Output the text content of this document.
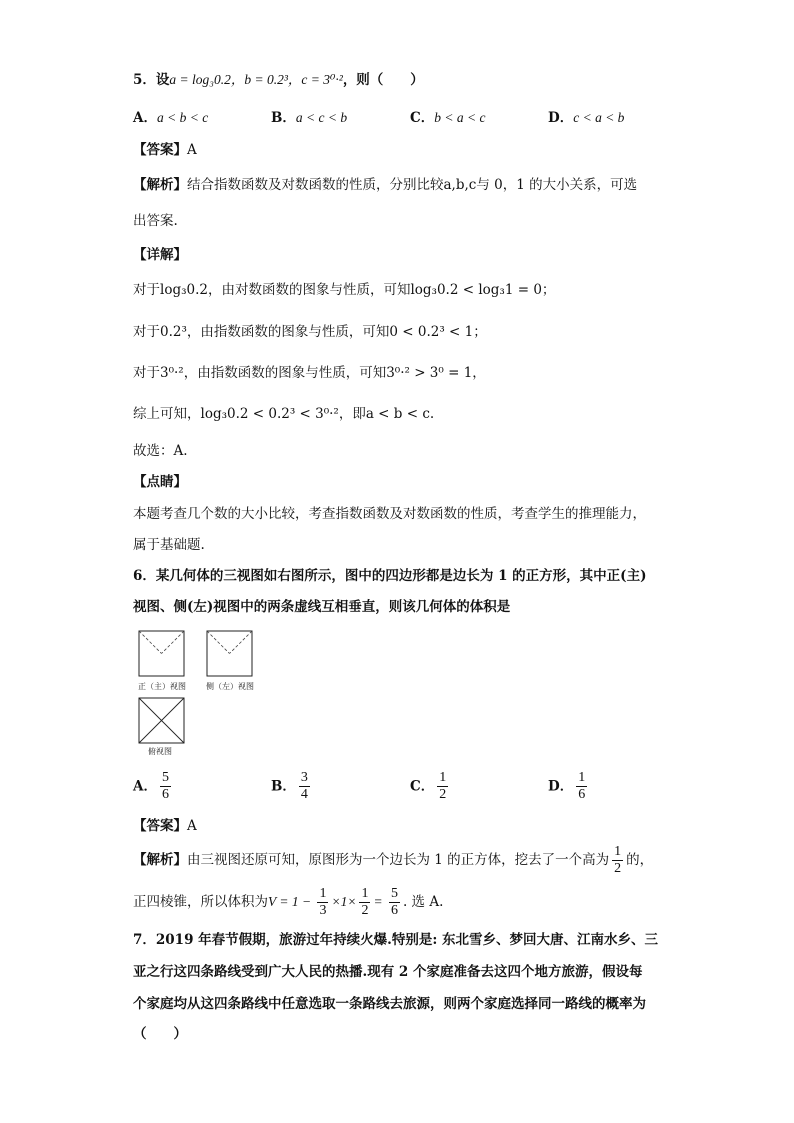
5．设a = log₃0.2，b = 0.2³，c = 3⁰·²，则（　　）
A．a < b < c	B．a < c < b	C．b < a < c	D．c < a < b
【答案】A
【解析】结合指数函数及对数函数的性质，分别比较a,b,c与 0，1 的大小关系，可选
出答案.
【详解】
对于log₃0.2，由对数函数的图象与性质，可知log₃0.2 < log₃1 = 0；
对于0.2³，由指数函数的图象与性质，可知0 < 0.2³ < 1；
对于3⁰·²，由指数函数的图象与性质，可知3⁰·² > 3⁰ = 1，
综上可知，log₃0.2 < 0.2³ < 3⁰·²，即a < b < c.
故选：A.
【点睛】
本题考查几个数的大小比较，考查指数函数及对数函数的性质，考查学生的推理能力，
属于基础题.
6．某几何体的三视图如右图所示，图中的四边形都是边长为 1 的正方形，其中正(主)
视图、侧(左)视图中的两条虚线互相垂直，则该几何体的体积是
正（主）视图	侧（左）视图
俯视图
A． $\frac{5}{6}$	B． $\frac{3}{4}$	C． $\frac{1}{2}$	D． $\frac{1}{6}$
【答案】A
【解析】由三视图还原可知，原图形为一个边长为 1 的正方体，挖去了一个高为 $\frac{1}{2}$ 的，
正四棱锥，所以体积为$V = 1 - \frac{1}{3} \times 1\times \frac{1}{2} = \frac{5}{6}$ . 选 A.
7．2019 年春节假期，旅游过年持续火爆.特别是: 东北雪乡、梦回大唐、江南水乡、三
亚之行这四条路线受到广大人民的热播.现有 2 个家庭准备去这四个地方旅游，假设每
个家庭均从这四条路线中任意选取一条路线去旅源，则两个家庭选择同一路线的概率为
（　　）
